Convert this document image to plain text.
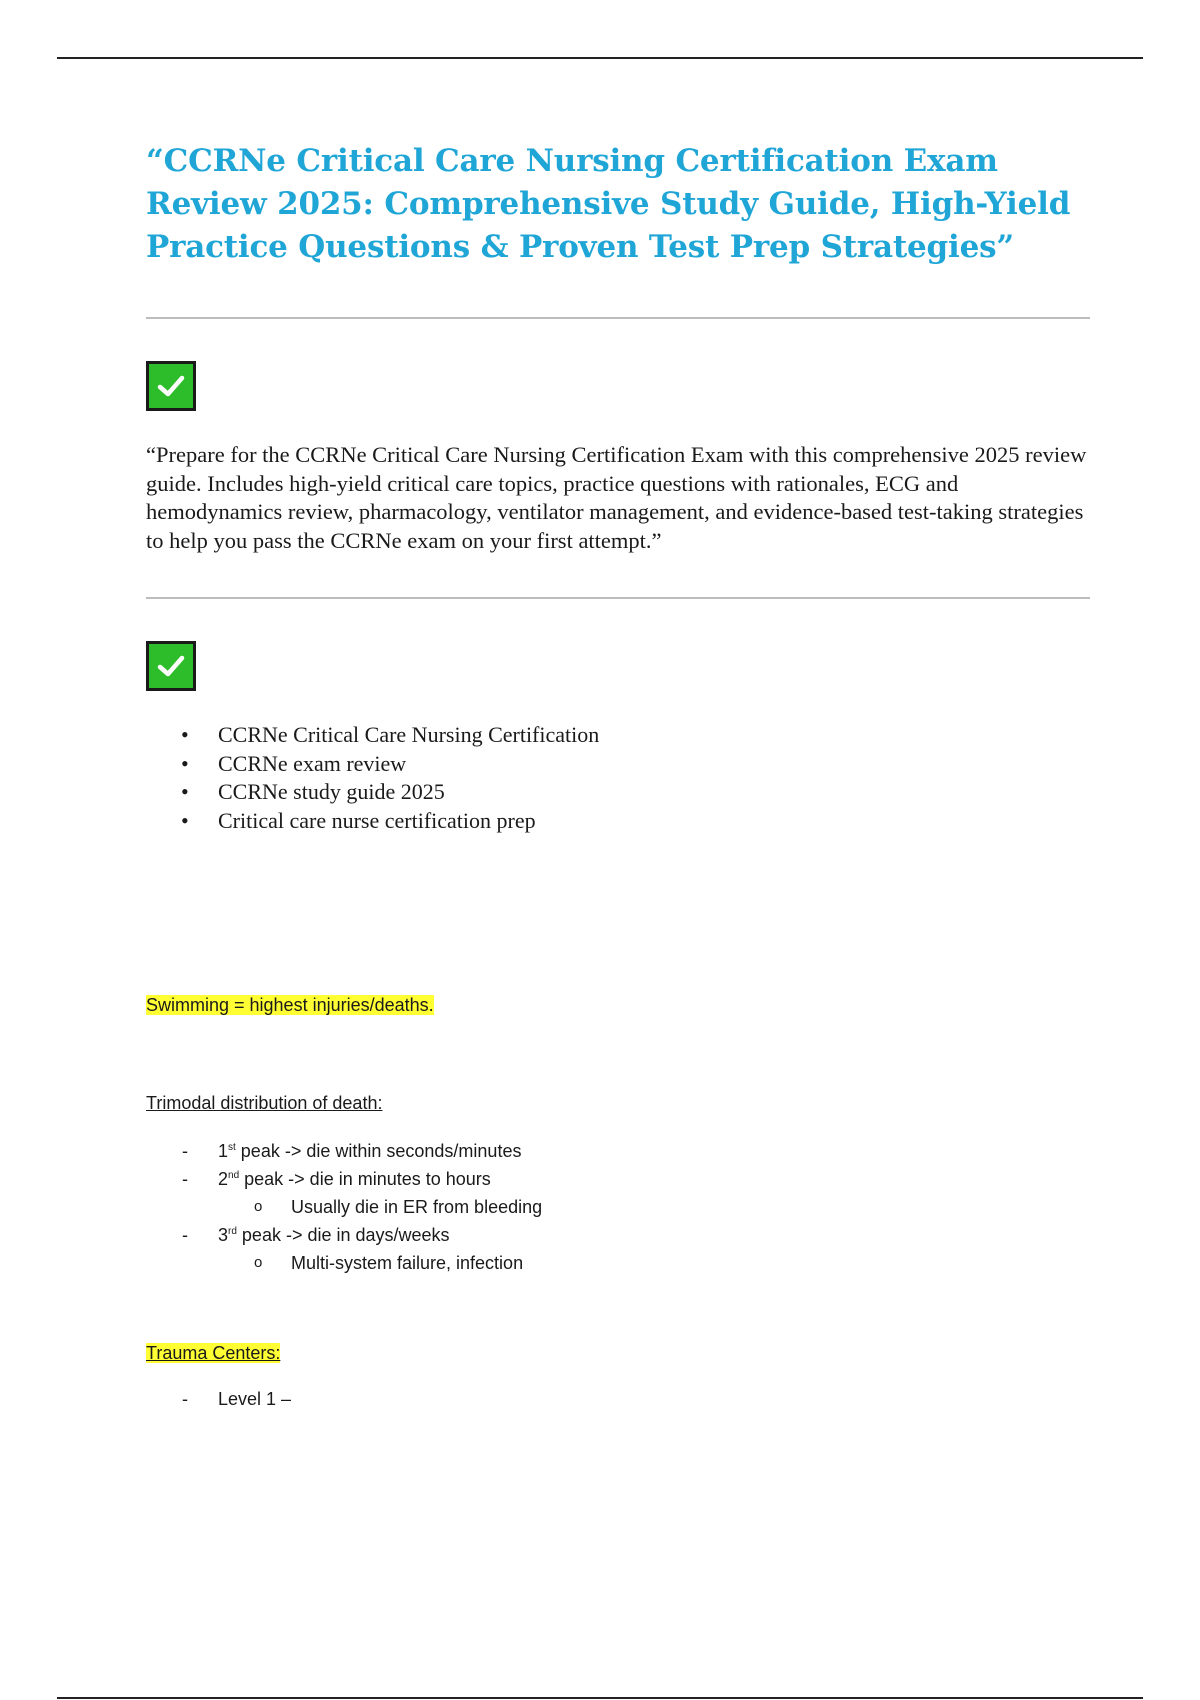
“CCRNe Critical Care Nursing Certification Exam Review 2025: Comprehensive Study Guide, High-Yield Practice Questions & Proven Test Prep Strategies”

“Prepare for the CCRNe Critical Care Nursing Certification Exam with this comprehensive 2025 review guide. Includes high-yield critical care topics, practice questions with rationales, ECG and hemodynamics review, pharmacology, ventilator management, and evidence-based test-taking strategies to help you pass the CCRNe exam on your first attempt.”

• CCRNe Critical Care Nursing Certification
• CCRNe exam review
• CCRNe study guide 2025
• Critical care nurse certification prep
Swimming = highest injuries/deaths.
Trimodal distribution of death:
- 1st peak -> die within seconds/minutes
- 2nd peak -> die in minutes to hours
o Usually die in ER from bleeding
- 3rd peak -> die in days/weeks
o Multi-system failure, infection
Trauma Centers:
- Level 1 –
